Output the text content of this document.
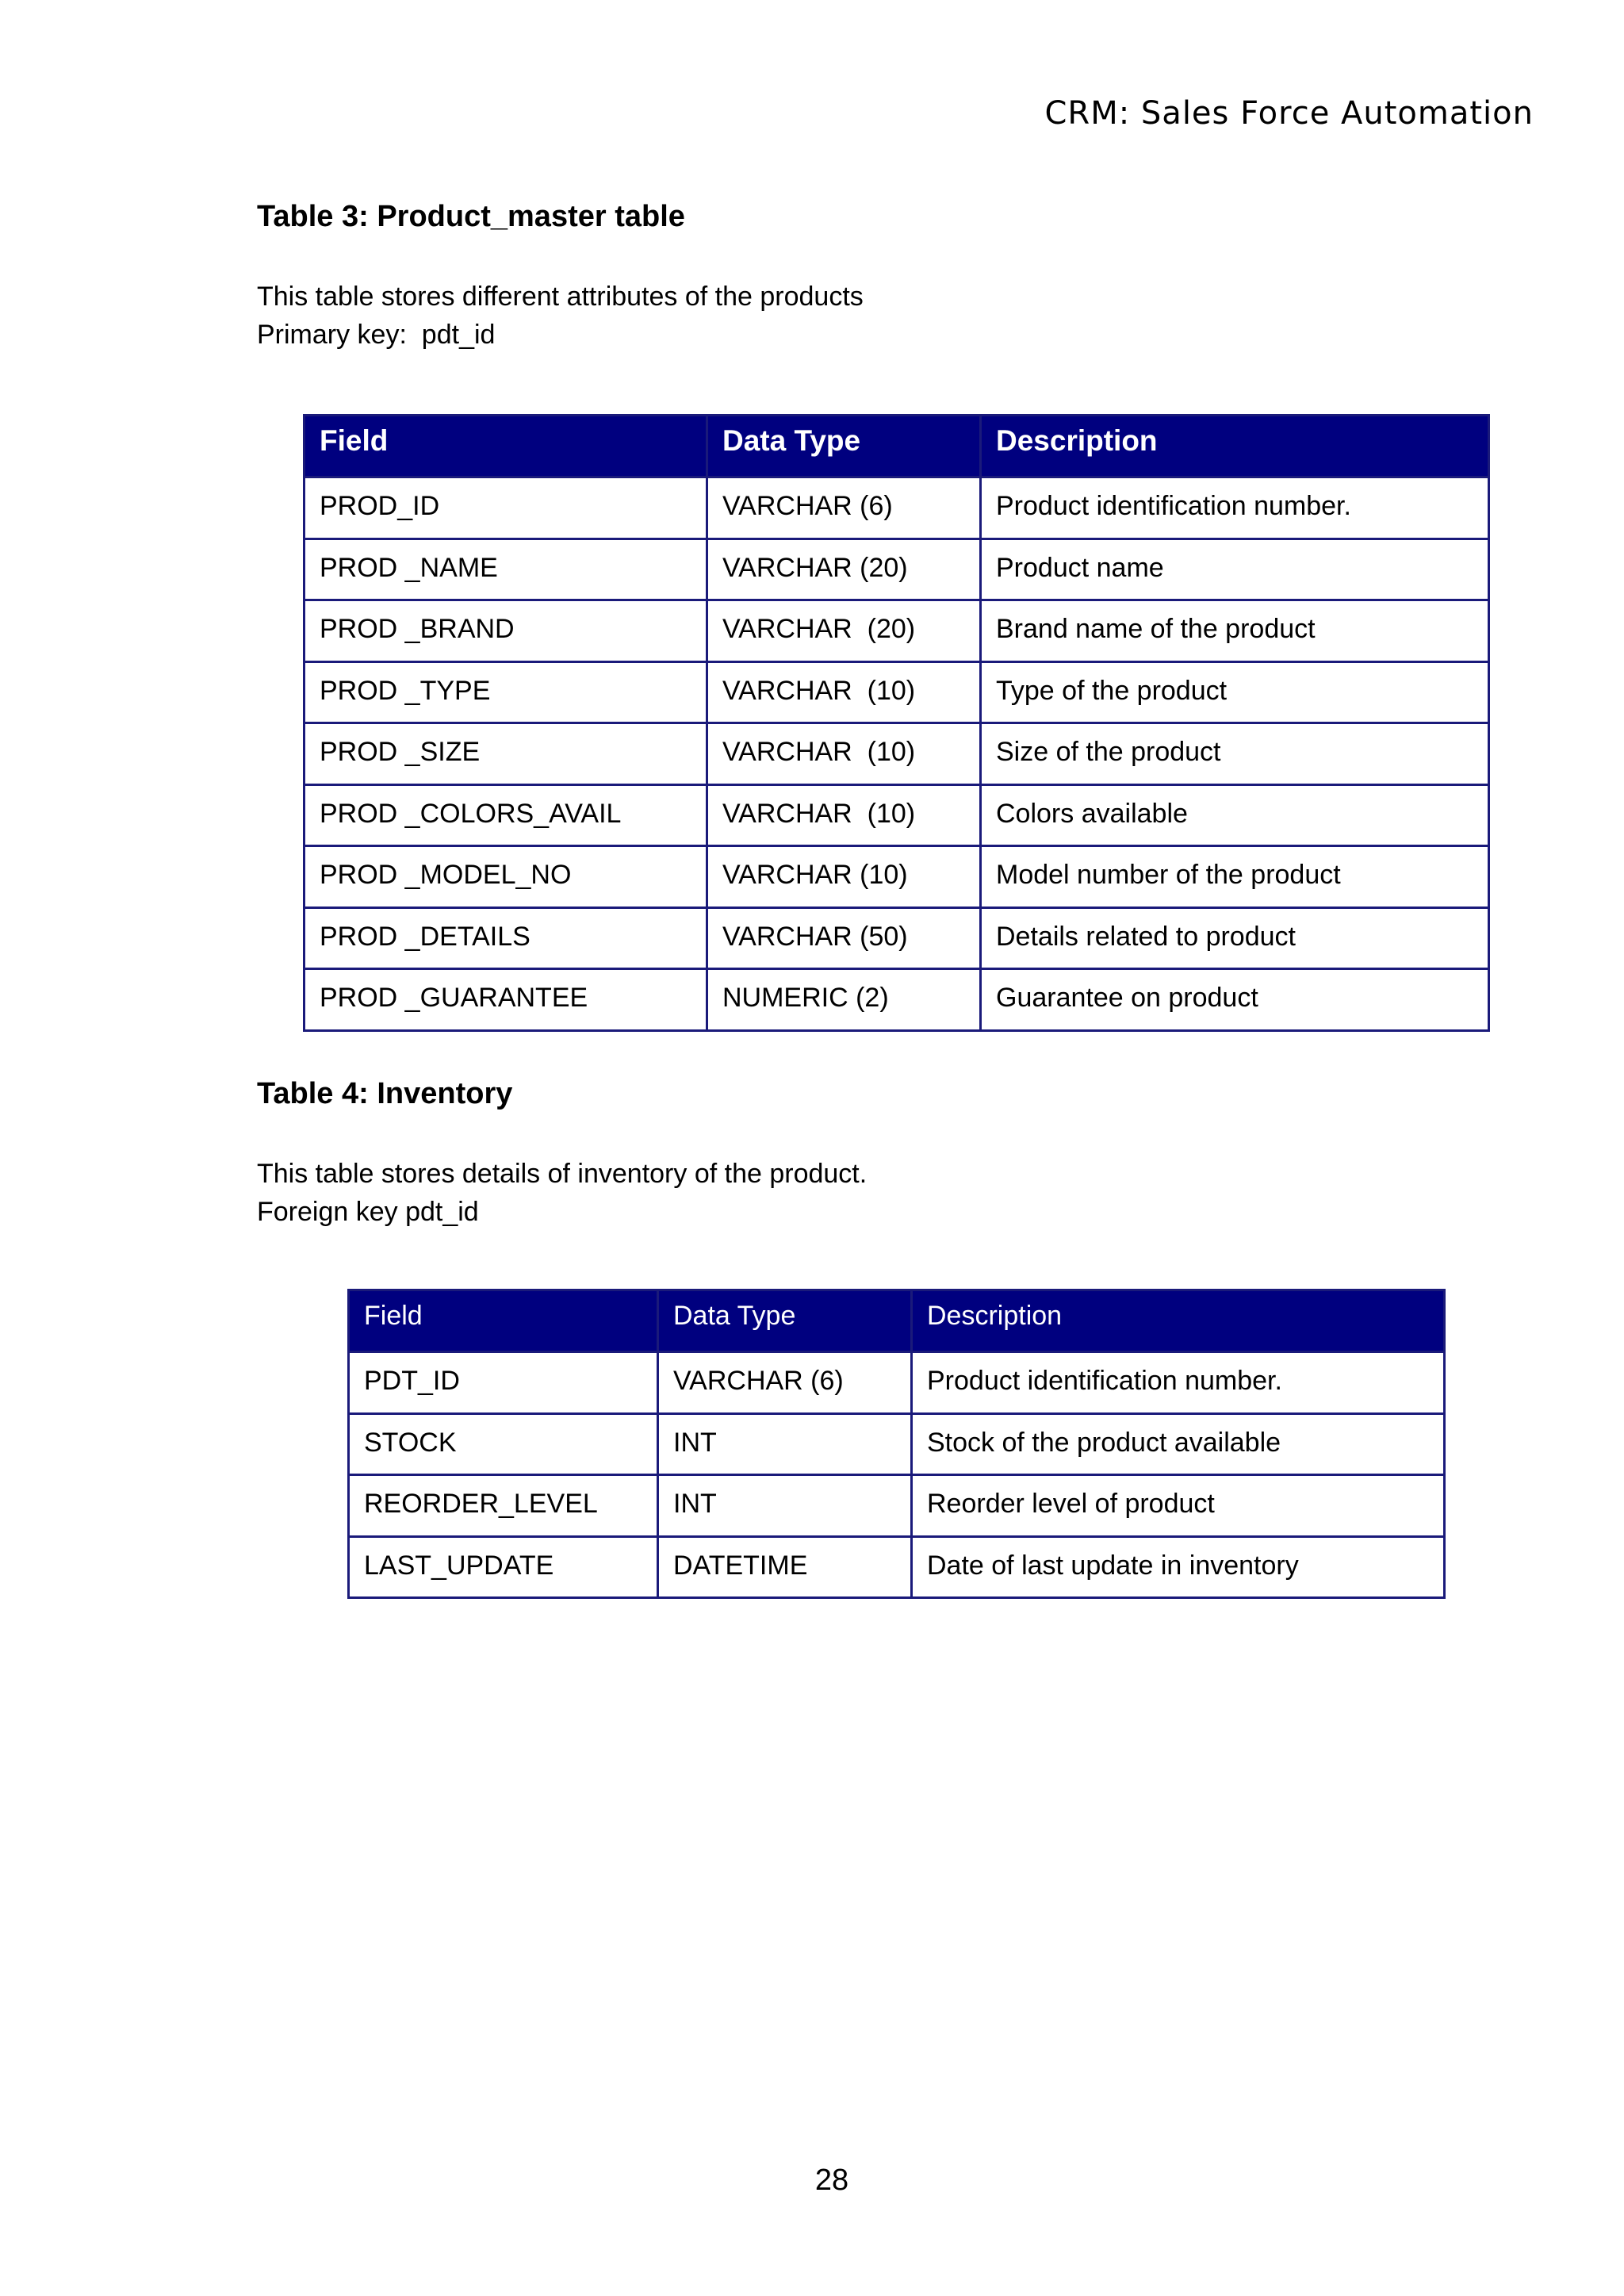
CRM: Sales Force Automation
Table 3: Product_master table
This table stores different attributes of the products
Primary key:  pdt_id
Field	Data Type	Description
PROD_ID	VARCHAR (6)	Product identification number.
PROD _NAME	VARCHAR (20)	Product name
PROD _BRAND	VARCHAR  (20)	Brand name of the product
PROD _TYPE	VARCHAR  (10)	Type of the product
PROD _SIZE	VARCHAR  (10)	Size of the product
PROD _COLORS_AVAIL	VARCHAR  (10)	Colors available
PROD _MODEL_NO	VARCHAR (10)	Model number of the product
PROD _DETAILS	VARCHAR (50)	Details related to product
PROD _GUARANTEE	NUMERIC (2)	Guarantee on product
Table 4: Inventory
This table stores details of inventory of the product.
Foreign key pdt_id
Field	Data Type	Description
PDT_ID	VARCHAR (6)	Product identification number.
STOCK	INT	Stock of the product available
REORDER_LEVEL	INT	Reorder level of product
LAST_UPDATE	DATETIME	Date of last update in inventory
28
